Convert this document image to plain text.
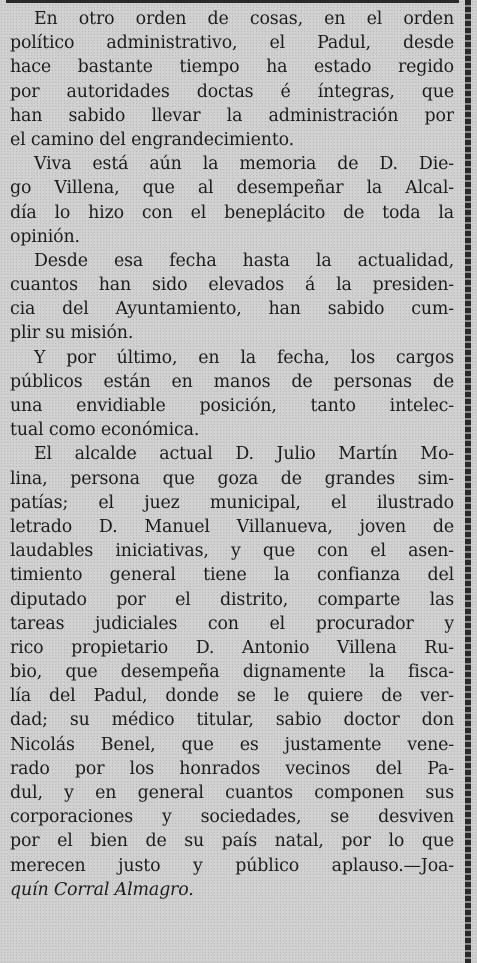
En otro orden de cosas, en el orden
político administrativo, el Padul, desde
hace bastante tiempo ha estado regido
por autoridades doctas é íntegras, que
han sabido llevar la administración por
el camino del engrandecimiento.

Viva está aún la memoria de D. Die-
go Villena, que al desempeñar la Alcal-
día lo hizo con el beneplácito de toda la
opinión.

Desde esa fecha hasta la actualidad,
cuantos han sido elevados á la presiden-
cia del Ayuntamiento, han sabido cum-
plir su misión.

Y por último, en la fecha, los cargos
públicos están en manos de personas de
una envidiable posición, tanto intelec-
tual como económica.

El alcalde actual D. Julio Martín Mo-
lina, persona que goza de grandes sim-
patías; el juez municipal, el ilustrado
letrado D. Manuel Villanueva, joven de
laudables iniciativas, y que con el asen-
timiento general tiene la confianza del
diputado por el distrito, comparte las
tareas judiciales con el procurador y
rico propietario D. Antonio Villena Ru-
bio, que desempeña dignamente la fisca-
lía del Padul, donde se le quiere de ver-
dad; su médico titular, sabio doctor don
Nicolás Benel, que es justamente vene-
rado por los honrados vecinos del Pa-
dul, y en general cuantos componen sus
corporaciones y sociedades, se desviven
por el bien de su país natal, por lo que
merecen justo y público aplauso.—Joa-
quín Corral Almagro.
